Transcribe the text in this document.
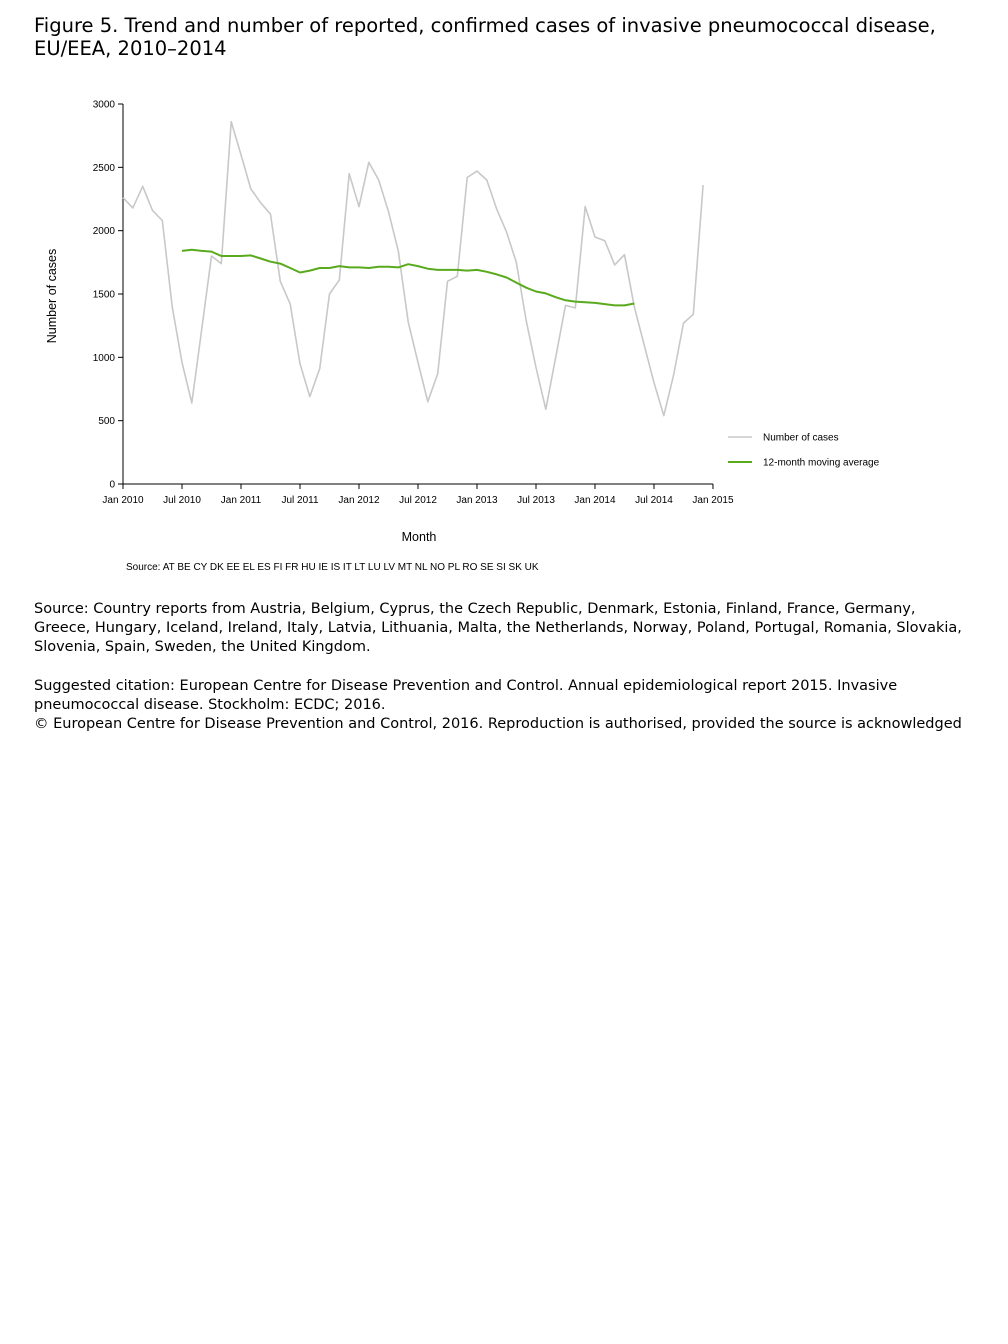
Figure 5. Trend and number of reported, confirmed cases of invasive pneumococcal disease,
EU/EEA, 2010–2014
0
500
1000
1500
2000
2500
3000
Jan 2010 Jul 2010 Jan 2011 Jul 2011 Jan 2012 Jul 2012 Jan 2013 Jul 2013 Jan 2014 Jul 2014 Jan 2015
Number of cases
Month
Number of cases
12-month moving average
Source: AT BE CY DK EE EL ES FI FR HU IE IS IT LT LU LV MT NL NO PL RO SE SI SK UK

Source: Country reports from Austria, Belgium, Cyprus, the Czech Republic, Denmark, Estonia, Finland, France, Germany, Greece, Hungary, Iceland, Ireland, Italy, Latvia, Lithuania, Malta, the Netherlands, Norway, Poland, Portugal, Romania, Slovakia, Slovenia, Spain, Sweden, the United Kingdom.

Suggested citation: European Centre for Disease Prevention and Control. Annual epidemiological report 2015. Invasive pneumococcal disease. Stockholm: ECDC; 2016.

© European Centre for Disease Prevention and Control, 2016. Reproduction is authorised, provided the source is acknowledged
